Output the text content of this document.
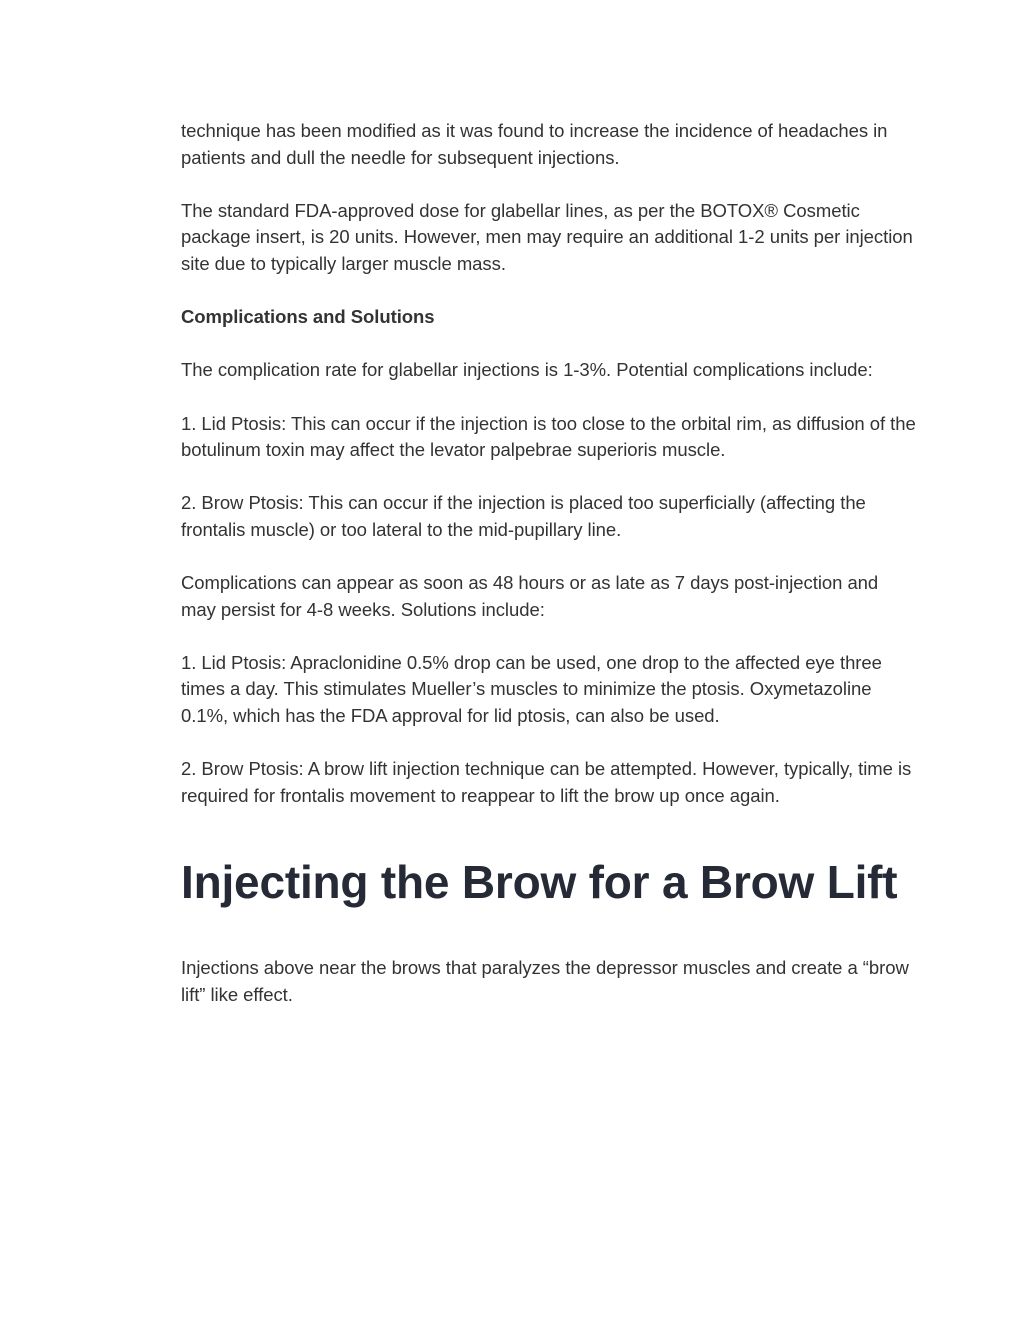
technique has been modified as it was found to increase the incidence of headaches in patients and dull the needle for subsequent injections.

The standard FDA-approved dose for glabellar lines, as per the BOTOX® Cosmetic package insert, is 20 units. However, men may require an additional 1-2 units per injection site due to typically larger muscle mass.

Complications and Solutions

The complication rate for glabellar injections is 1-3%. Potential complications include:

1. Lid Ptosis: This can occur if the injection is too close to the orbital rim, as diffusion of the botulinum toxin may affect the levator palpebrae superioris muscle.

2. Brow Ptosis: This can occur if the injection is placed too superficially (affecting the frontalis muscle) or too lateral to the mid-pupillary line.

Complications can appear as soon as 48 hours or as late as 7 days post-injection and may persist for 4-8 weeks. Solutions include:

1. Lid Ptosis: Apraclonidine 0.5% drop can be used, one drop to the affected eye three times a day. This stimulates Mueller’s muscles to minimize the ptosis. Oxymetazoline 0.1%, which has the FDA approval for lid ptosis, can also be used.

2. Brow Ptosis: A brow lift injection technique can be attempted. However, typically, time is required for frontalis movement to reappear to lift the brow up once again.

Injecting the Brow for a Brow Lift

Injections above near the brows that paralyzes the depressor muscles and create a “brow lift” like effect.
